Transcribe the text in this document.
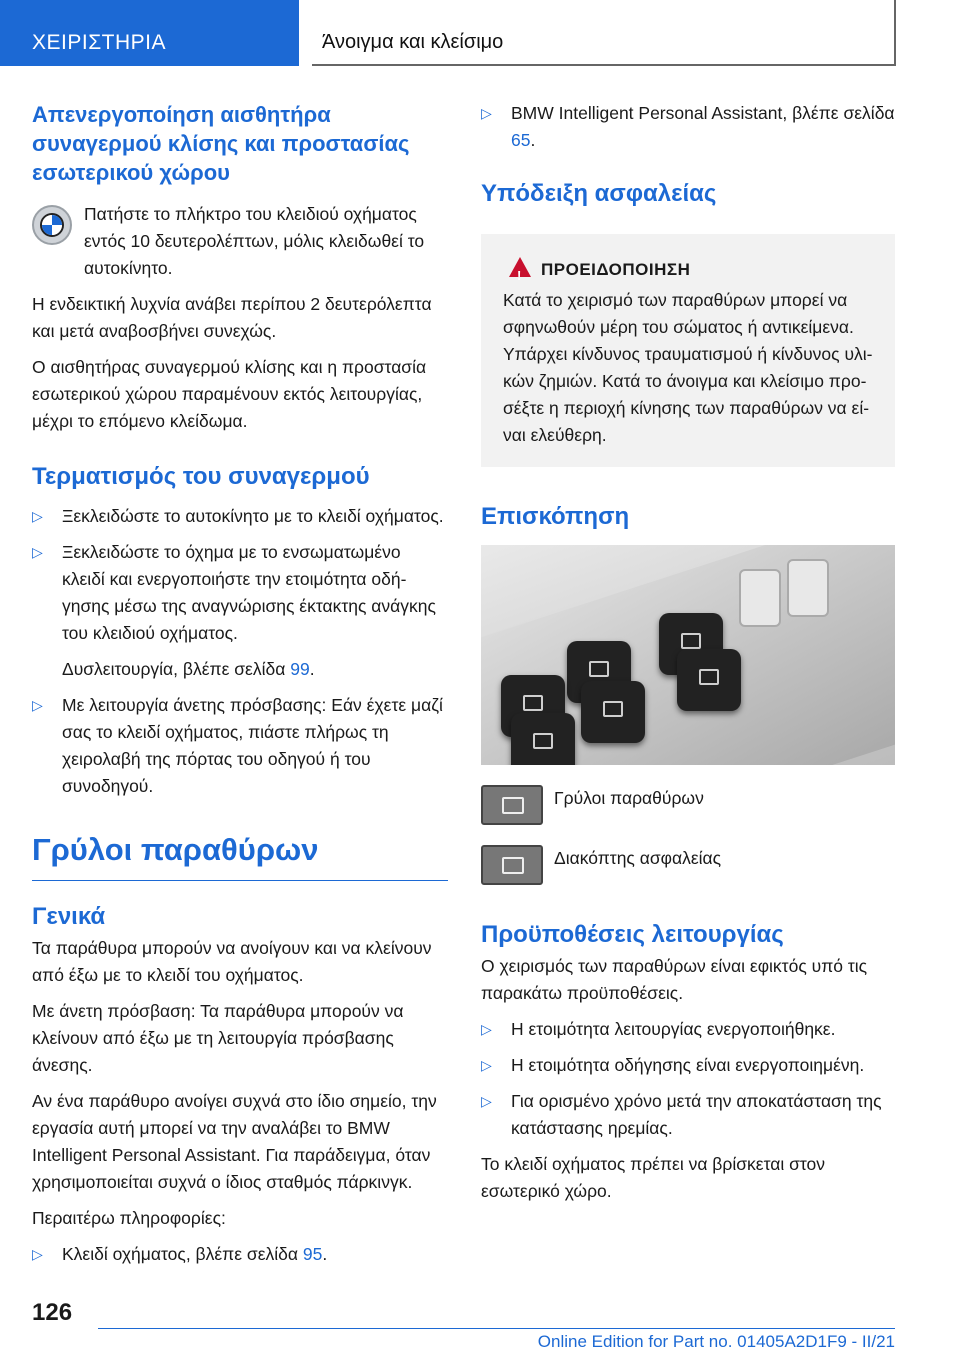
ΧΕΙΡΙΣΤΗΡΙΑ	Άνοιγμα και κλείσιμο
Απενεργοποίηση αισθητήρα συναγερμού κλίσης και προστασίας εσωτερικού χώρου

Πατήστε το πλήκτρο του κλειδιού οχήματος εντός 10 δευτερολέπτων, μόλις κλειδωθεί το αυτοκίνητο.

Η ενδεικτική λυχνία ανάβει περίπου 2 δευτερόλεπτα και μετά αναβοσβήνει συνεχώς.

Ο αισθητήρας συναγερμού κλίσης και η προστασία εσωτερικού χώρου παραμένουν εκτός λειτουργίας, μέχρι το επόμενο κλείδωμα.

Τερματισμός του συναγερμού
▷ Ξεκλειδώστε το αυτοκίνητο με το κλειδί οχήματος.
▷ Ξεκλειδώστε το όχημα με το ενσωματωμένο κλειδί και ενεργοποιήστε την ετοιμότητα οδήγησης μέσω της αναγνώρισης έκτακτης ανάγκης του κλειδιού οχήματος.

Δυσλειτουργία, βλέπε σελίδα 99.

▷ Με λειτουργία άνετης πρόσβασης: Εάν έχετε μαζί σας το κλειδί οχήματος, πιάστε πλήρως τη χειρολαβή της πόρτας του οδηγού ή του συνοδηγού.
Γρύλοι παραθύρων
Γενικά

Τα παράθυρα μπορούν να ανοίγουν και να κλείνουν από έξω με το κλειδί του οχήματος.

Με άνετη πρόσβαση: Τα παράθυρα μπορούν να κλείνουν από έξω με τη λειτουργία πρόσβασης άνεσης.

Αν ένα παράθυρο ανοίγει συχνά στο ίδιο σημείο, την εργασία αυτή μπορεί να την αναλάβει το BMW Intelligent Personal Assistant. Για παράδειγμα, όταν χρησιμοποιείται συχνά ο ίδιος σταθμός πάρκινγκ.

Περαιτέρω πληροφορίες:

▷ Κλειδί οχήματος, βλέπε σελίδα 95.
▷ BMW Intelligent Personal Assistant, βλέπε σελίδα 65.
Υπόδειξη ασφαλείας
!
ΠΡΟΕΙΔΟΠΟΙΗΣΗ
Κατά το χειρισμό των παραθύρων μπορεί να σφηνωθούν μέρη του σώματος ή αντικείμενα. Υπάρχει κίνδυνος τραυματισμού ή κίνδυνος υλικών ζημιών. Κατά το άνοιγμα και κλείσιμο προσέξτε η περιοχή κίνησης των παραθύρων να είναι ελεύθερη.
Επισκόπηση
Γρύλοι παραθύρων
Διακόπτης ασφαλείας
Προϋποθέσεις λειτουργίας

Ο χειρισμός των παραθύρων είναι εφικτός υπό τις παρακάτω προϋποθέσεις.

▷ Η ετοιμότητα λειτουργίας ενεργοποιήθηκε.
▷ Η ετοιμότητα οδήγησης είναι ενεργοποιημένη.
▷ Για ορισμένο χρόνο μετά την αποκατάσταση της κατάστασης ηρεμίας.

Το κλειδί οχήματος πρέπει να βρίσκεται στον εσωτερικό χώρο.

126
Online Edition for Part no. 01405A2D1F9 - II/21
